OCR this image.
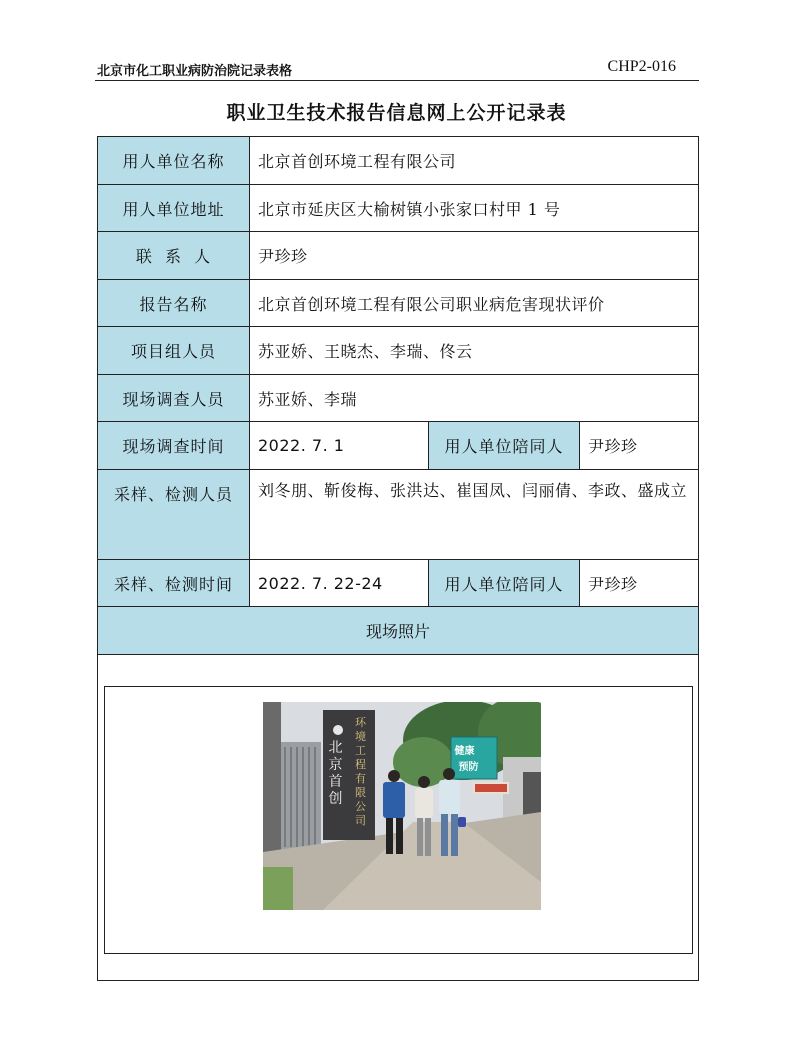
北京市化工职业病防治院记录表格	CHP2-016
职业卫生技术报告信息网上公开记录表
用人单位名称	北京首创环境工程有限公司		
用人单位地址	北京市延庆区大榆树镇小张家口村甲 1 号		
联  系  人	尹珍珍		
报告名称	北京首创环境工程有限公司职业病危害现状评价		
项目组人员	苏亚娇、王晓杰、李瑞、佟云		
现场调查人员	苏亚娇、李瑞		
现场调查时间	2022. 7. 1	用人单位陪同人	尹珍珍
采样、检测人员	刘冬朋、靳俊梅、张洪达、崔国凤、闫丽倩、李政、盛成立		
采样、检测时间	2022. 7. 22-24	用人单位陪同人	尹珍珍
现场照片			

北京首创
环境工程有限公司
健康
预防			
